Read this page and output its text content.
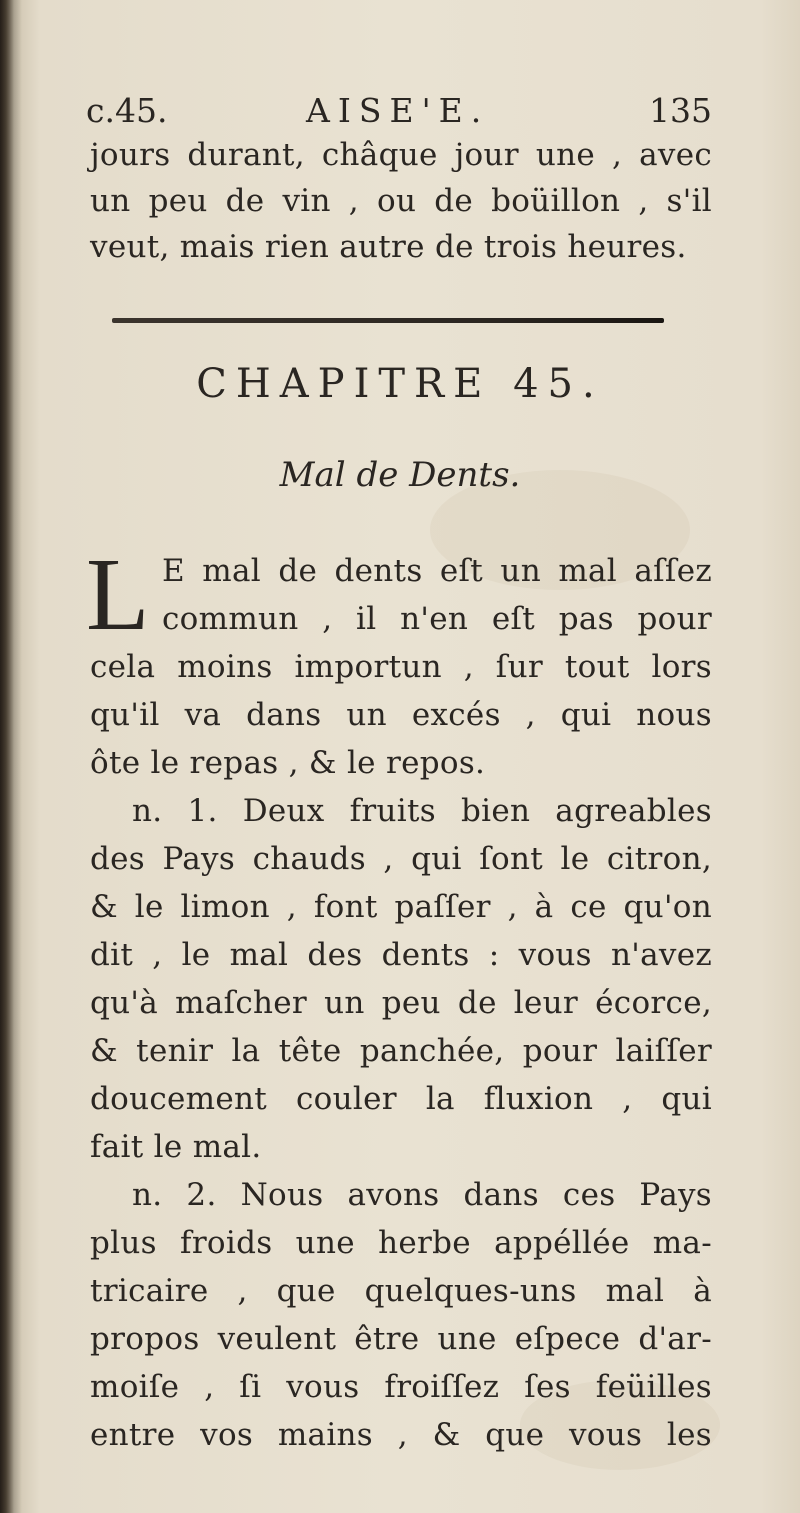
c.45.	AISE'E.	135
jours durant, châque jour une , avec
un peu de vin , ou de boüillon , s'il
veut, mais rien autre de trois heures.
CHAPITRE 45.
Mal de Dents.
L E mal de dents eſt un mal aſſez
commun , il n'en eſt pas pour
cela moins importun , ſur tout lors
qu'il va dans un excés , qui nous
ôte le repas , & le repos.
n. 1. Deux fruits bien agreables
des Pays chauds , qui ſont le citron,
& le limon , font paſſer , à ce qu'on
dit , le mal des dents : vous n'avez
qu'à maſcher un peu de leur écorce,
& tenir la tête panchée, pour laiſſer
doucement couler la fluxion , qui
fait le mal.
n. 2. Nous avons dans ces Pays
plus froids une herbe appéllée ma-
tricaire , que quelques-uns mal à
propos veulent être une eſpece d'ar-
moiſe , ſi vous froiſſez ſes feüilles
entre vos mains , & que vous les
